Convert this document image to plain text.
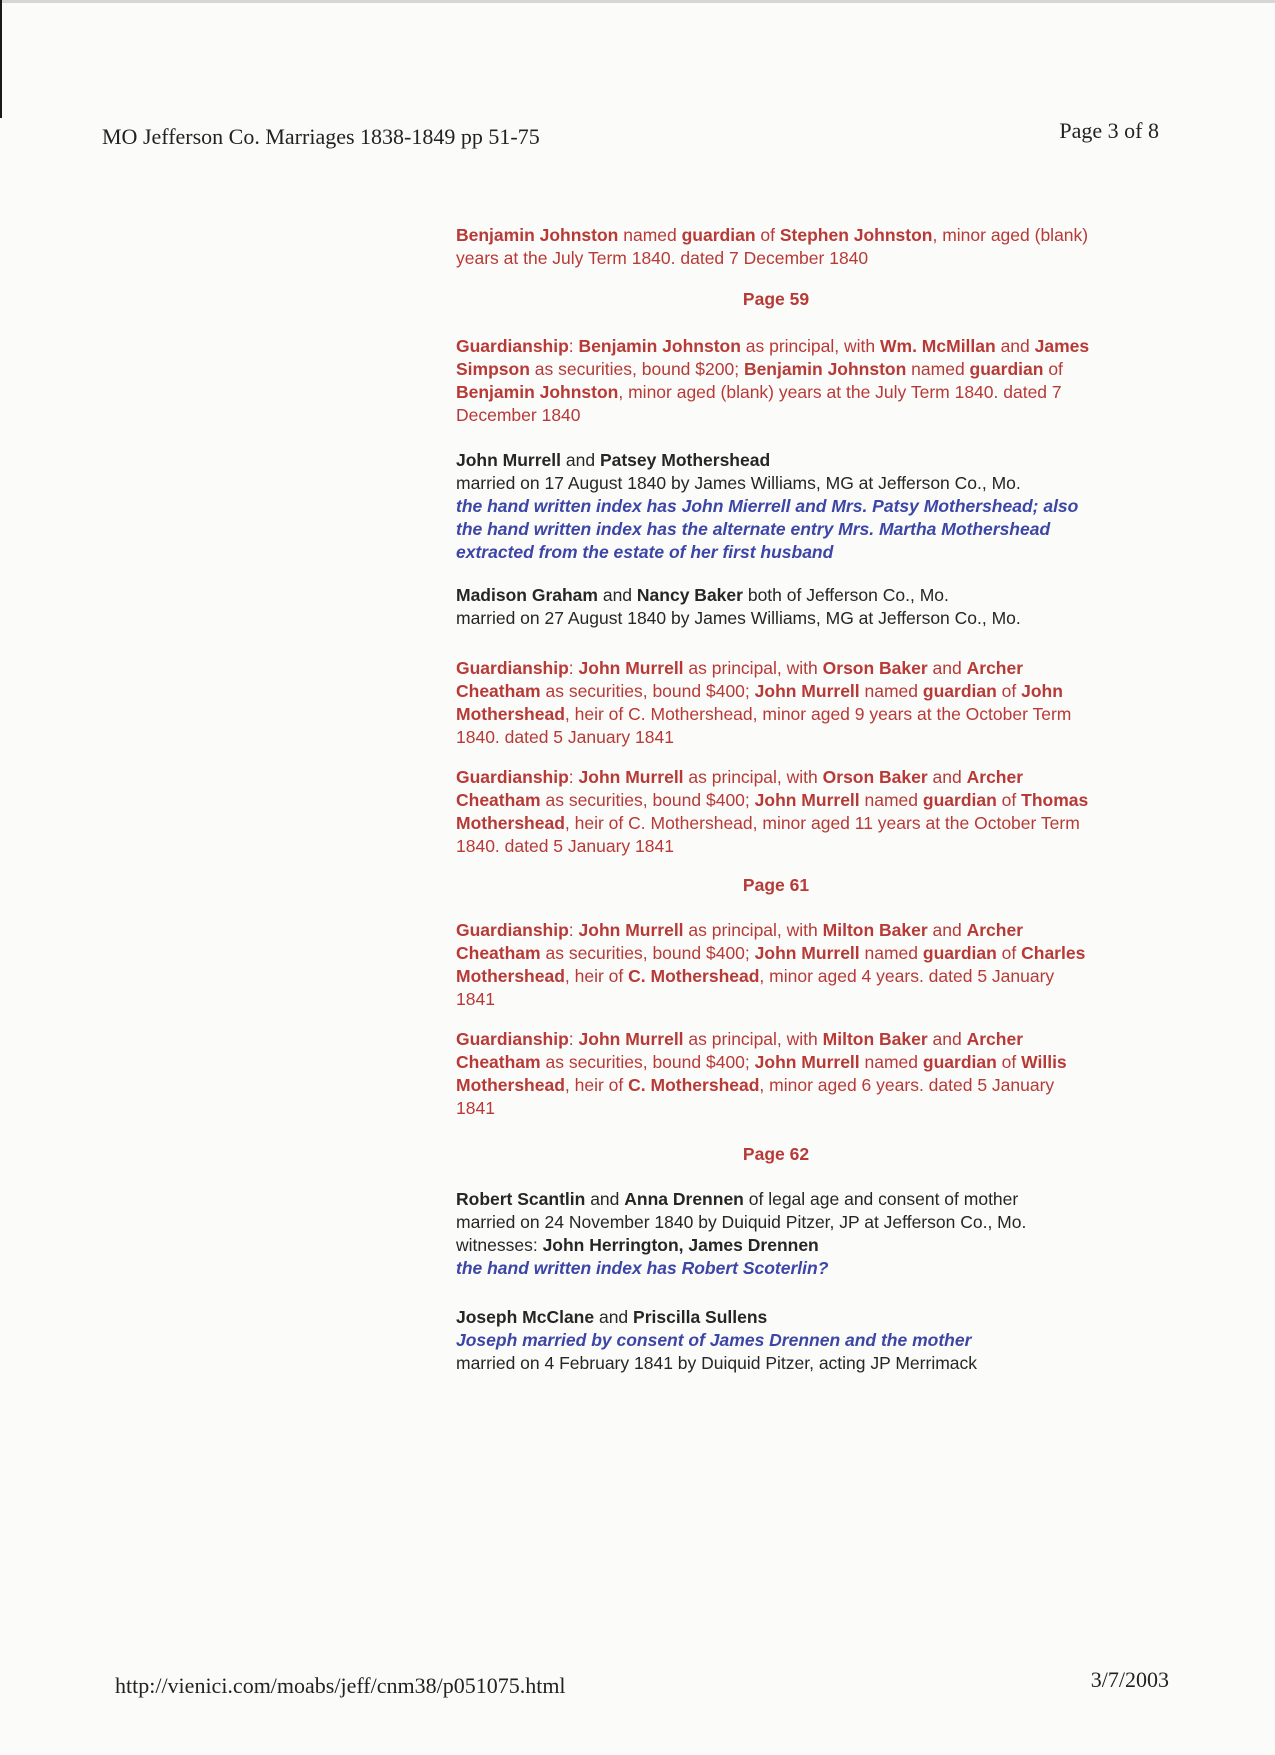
MO Jefferson Co. Marriages 1838-1849 pp 51-75	Page 3 of 8

Benjamin Johnston named guardian of Stephen Johnston, minor aged (blank) years at the July Term 1840. dated 7 December 1840

Page 59

Guardianship: Benjamin Johnston as principal, with Wm. McMillan and James Simpson as securities, bound $200; Benjamin Johnston named guardian of Benjamin Johnston, minor aged (blank) years at the July Term 1840. dated 7 December 1840

John Murrell and Patsey Mothershead
married on 17 August 1840 by James Williams, MG at Jefferson Co., Mo.
the hand written index has John Mierrell and Mrs. Patsy Mothershead; also the hand written index has the alternate entry Mrs. Martha Mothershead extracted from the estate of her first husband
Madison Graham and Nancy Baker both of Jefferson Co., Mo.
married on 27 August 1840 by James Williams, MG at Jefferson Co., Mo.

Guardianship: John Murrell as principal, with Orson Baker and Archer Cheatham as securities, bound $400; John Murrell named guardian of John Mothershead, heir of C. Mothershead, minor aged 9 years at the October Term 1840. dated 5 January 1841

Guardianship: John Murrell as principal, with Orson Baker and Archer Cheatham as securities, bound $400; John Murrell named guardian of Thomas Mothershead, heir of C. Mothershead, minor aged 11 years at the October Term 1840. dated 5 January 1841

Page 61

Guardianship: John Murrell as principal, with Milton Baker and Archer Cheatham as securities, bound $400; John Murrell named guardian of Charles Mothershead, heir of C. Mothershead, minor aged 4 years. dated 5 January 1841

Guardianship: John Murrell as principal, with Milton Baker and Archer Cheatham as securities, bound $400; John Murrell named guardian of Willis Mothershead, heir of C. Mothershead, minor aged 6 years. dated 5 January 1841

Page 62

Robert Scantlin and Anna Drennen of legal age and consent of mother
married on 24 November 1840 by Duiquid Pitzer, JP at Jefferson Co., Mo.
witnesses: John Herrington, James Drennen
the hand written index has Robert Scoterlin?
Joseph McClane and Priscilla Sullens
Joseph married by consent of James Drennen and the mother
married on 4 February 1841 by Duiquid Pitzer, acting JP Merrimack
http://vienici.com/moabs/jeff/cnm38/p051075.html	3/7/2003
